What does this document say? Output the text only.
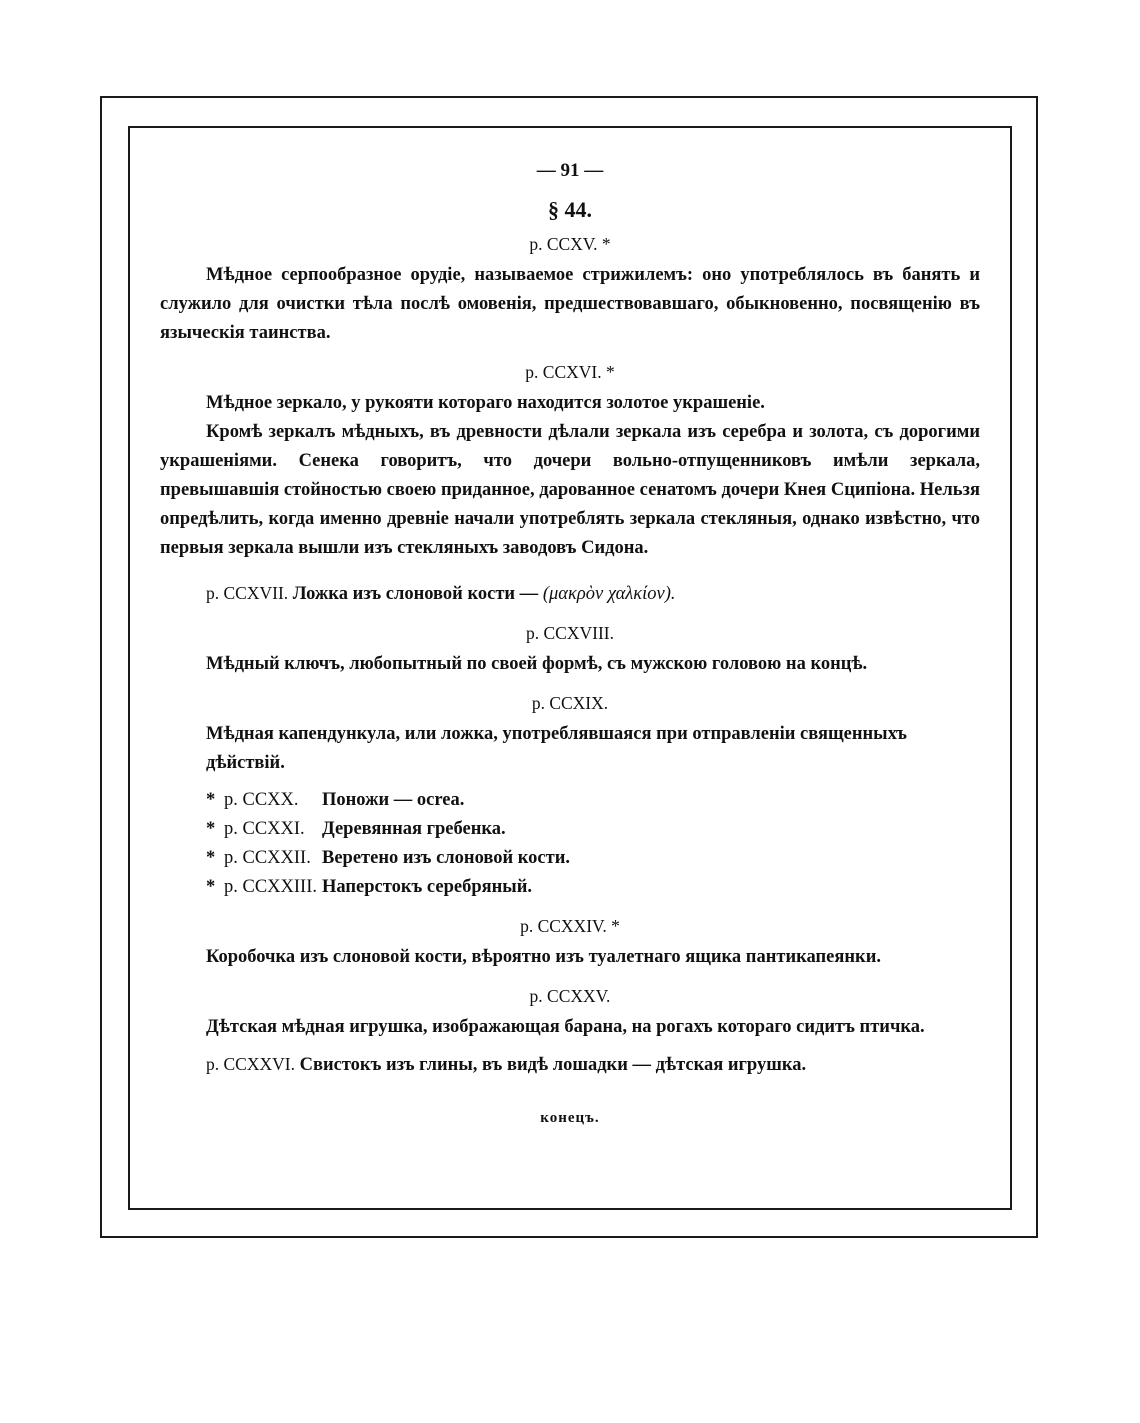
— 91 —
§ 44.
p. CCXV. *

Мѣдное серпообразное орудіе, называемое стрижилемъ: оно употреблялось въ банять и служило для очистки тѣла послѣ омовенія, предшествовавшаго, обыкновенно, посвященію въ языческія таинства.

p. CCXVI. *

Мѣдное зеркало, у рукояти котораго находится золотое украшеніе.

Кромѣ зеркалъ мѣдныхъ, въ древности дѣлали зеркала изъ серебра и золота, съ дорогими украшеніями. Сенека говоритъ, что дочери вольно-отпущенниковъ имѣли зеркала, превышавшія стойностью своею приданное, дарованное сенатомъ дочери Кнея Сципіона. Нельзя опредѣлить, когда именно древніе начали употреблять зеркала стекляныя, однако извѣстно, что первыя зеркала вышли изъ стекляныхъ заводовъ Сидона.

p. CCXVII. Ложка изъ слоновой кости — (μακρὸν χαλκίον).

p. CCXVIII.

Мѣдный ключъ, любопытный по своей формѣ, съ мужскою головою на концѣ.

p. CCXIX.

Мѣдная капендункула, или ложка, употреблявшаяся при отправленіи священныхъ дѣйствій.

* p. CCXX.	Поножи — ocrea.
* p. CCXXI. Деревянная гребенка.
* p. CCXXII. Веретено изъ слоновой кости.
* p. CCXXIII. Наперстокъ серебряный.
p. CCXXIV. *

Коробочка изъ слоновой кости, вѣроятно изъ туалетнаго ящика пантикапеянки.

p. CCXXV.

Дѣтская мѣдная игрушка, изображающая барана, на рогахъ котораго сидитъ птичка.

p. CCXXVI. Свистокъ изъ глины, въ видѣ лошадки — дѣтская игрушка.

конецъ.
